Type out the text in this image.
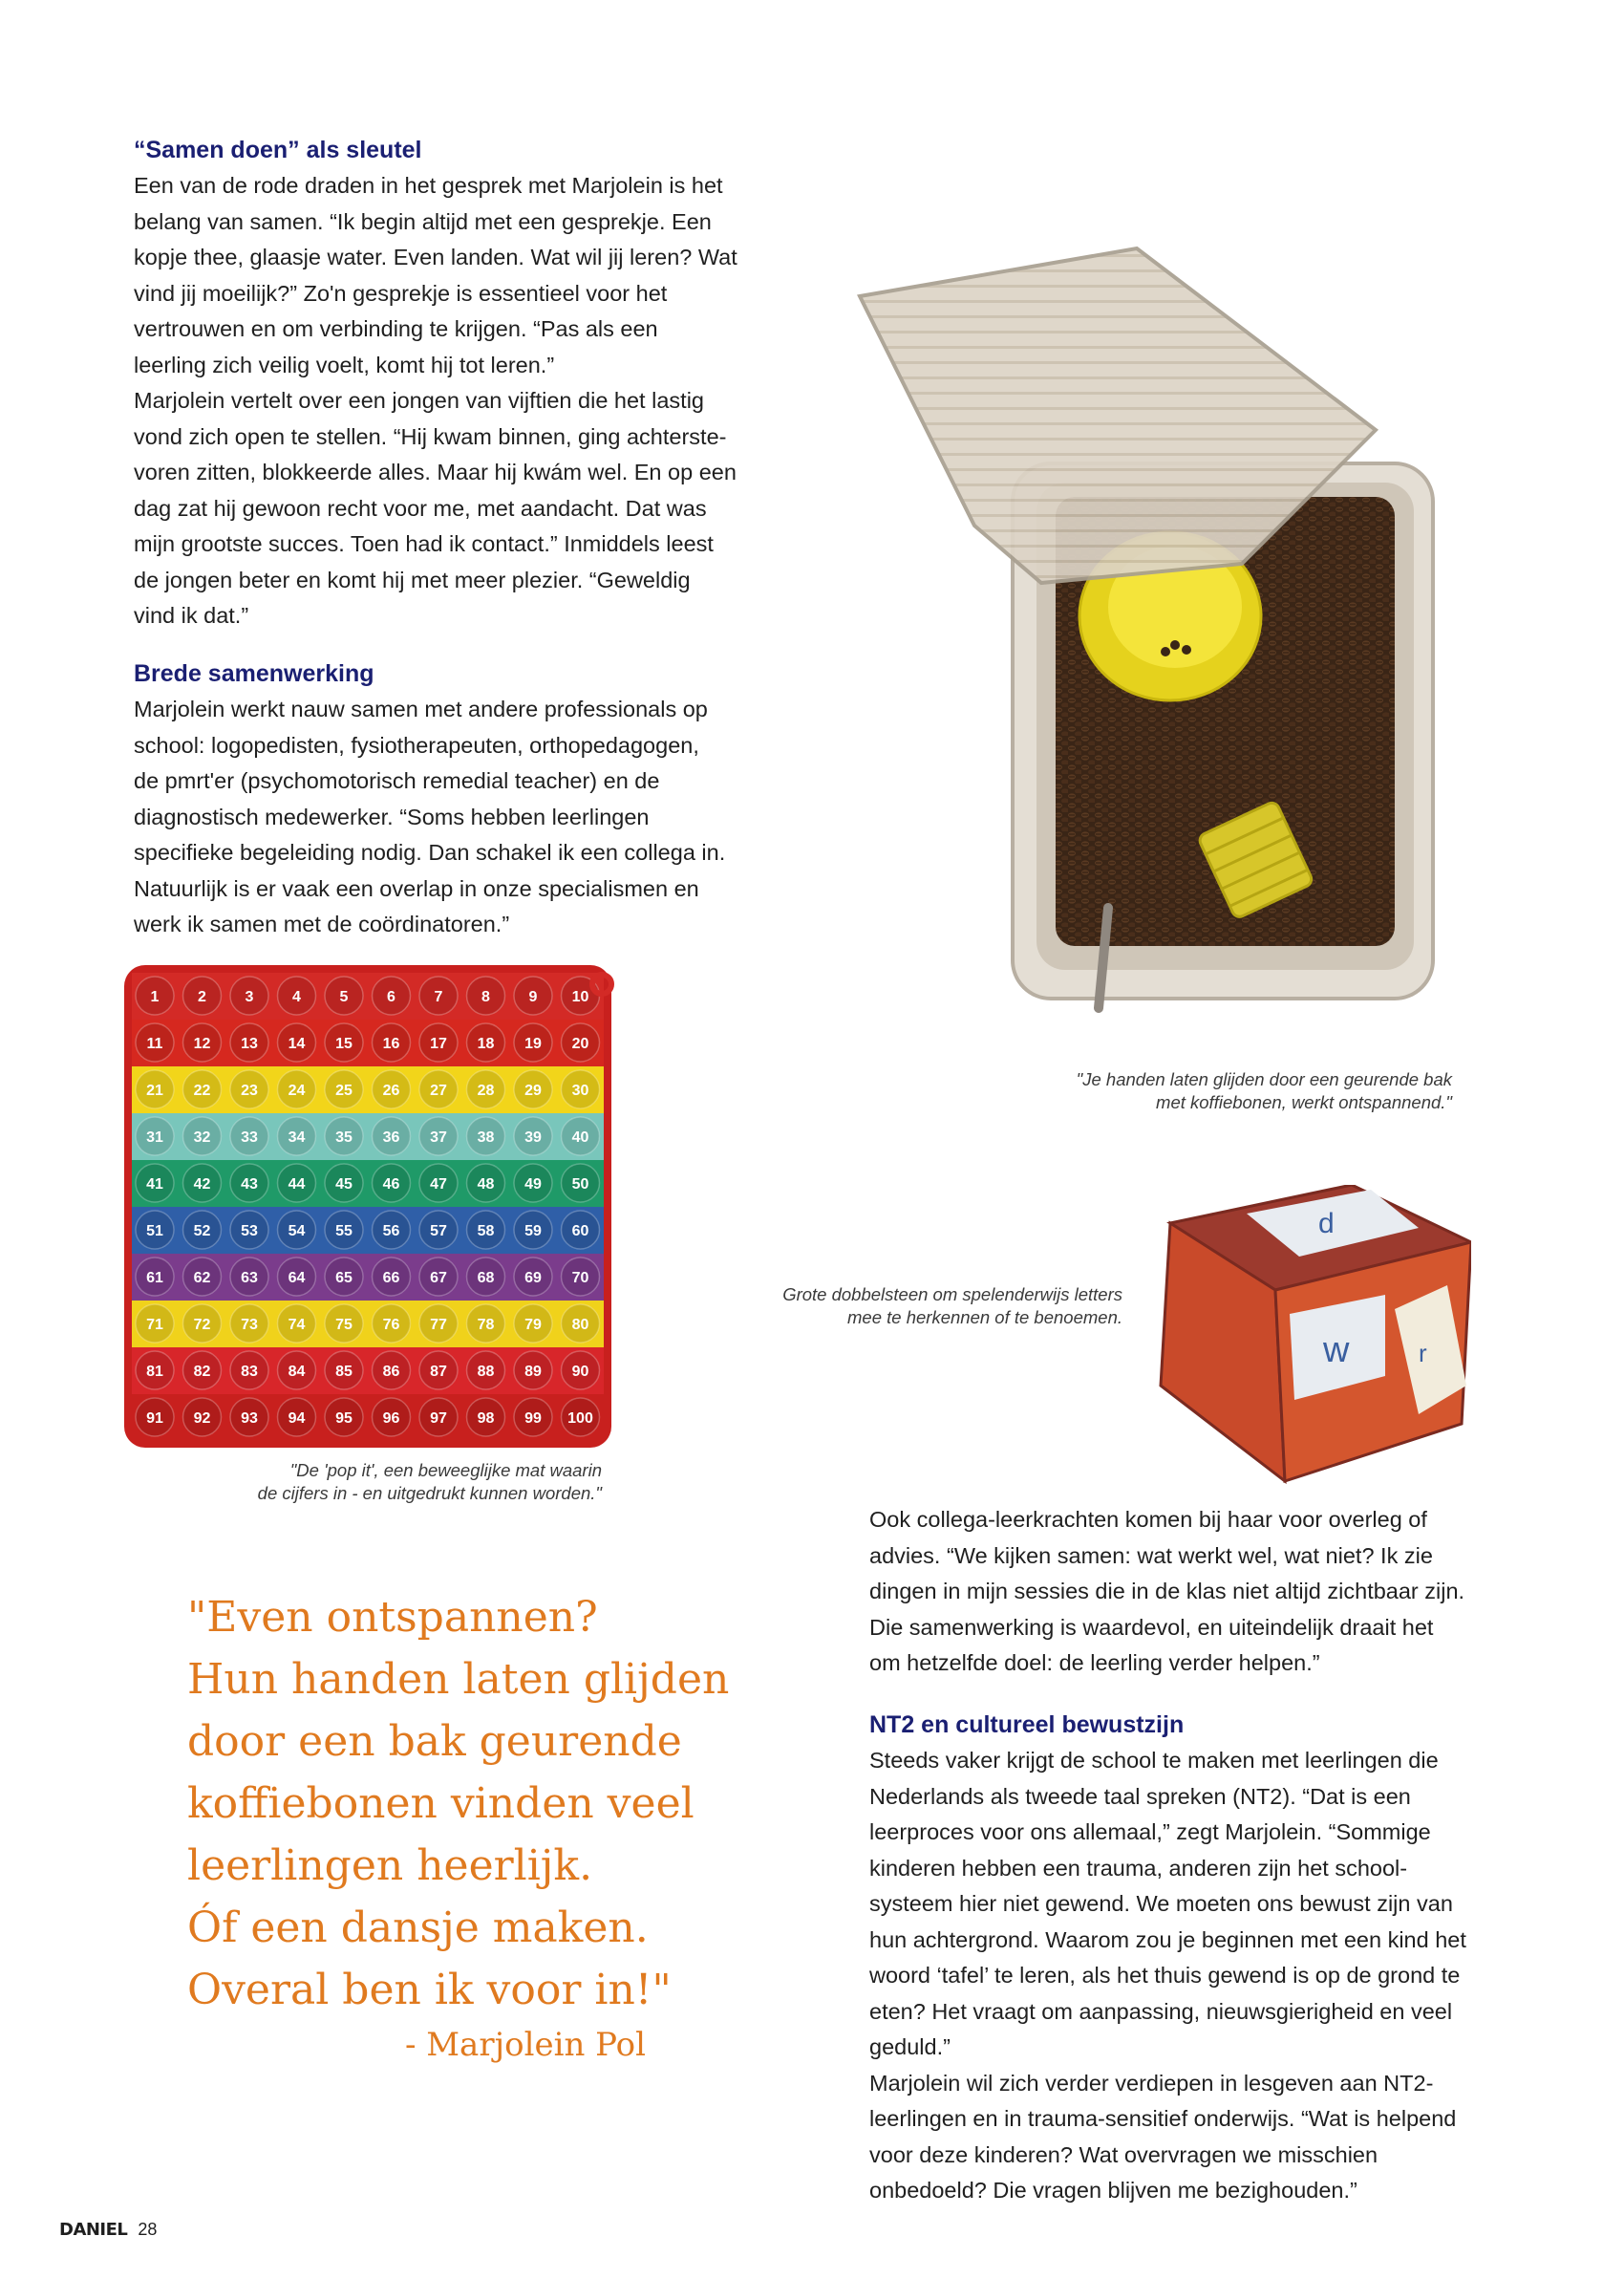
“Samen doen” als sleutel

Een van de rode draden in het gesprek met Marjolein is het

belang van samen. “Ik begin altijd met een gesprekje. Een

kopje thee, glaasje water. Even landen. Wat wil jij leren? Wat

vind jij moeilijk?” Zo'n gesprekje is essentieel voor het

vertrouwen en om verbinding te krijgen. “Pas als een

leerling zich veilig voelt, komt hij tot leren.”

Marjolein vertelt over een jongen van vijftien die het lastig

vond zich open te stellen. “Hij kwam binnen, ging achterste-

voren zitten, blokkeerde alles. Maar hij kwám wel. En op een

dag zat hij gewoon recht voor me, met aandacht. Dat was

mijn grootste succes. Toen had ik contact.” Inmiddels leest

de jongen beter en komt hij met meer plezier. “Geweldig

vind ik dat.”

Brede samenwerking

Marjolein werkt nauw samen met andere professionals op

school: logopedisten, fysiotherapeuten, orthopedagogen,

de pmrt'er (psychomotorisch remedial teacher) en de

diagnostisch medewerker. “Soms hebben leerlingen

specifieke begeleiding nodig. Dan schakel ik een collega in.

Natuurlijk is er vaak een overlap in onze specialismen en

werk ik samen met de coördinatoren.”

"Je handen laten glijden door een geurende bak
met koffiebonen, werkt ontspannend."
d
w	r
Grote dobbelsteen om spelenderwijs letters
mee te herkennen of te benoemen.
1	2	3	4	5	6	7	8	9 10
11 12 13 14 15 16 17 18 19 20
21 22 23 24 25 26 27 28 29 30
31 32 33 34 35 36 37 38 39 40
41 42 43 44 45 46 47 48 49 50
51 52 53 54 55 56 57 58 59 60
61 62 63 64 65 66 67 68 69 70
71 72 73 74 75 76 77 78 79 80
81 82 83 84 85 86 87 88 89 90
91 92 93 94 95 96 97 98 99 100
"De 'pop it', een beweeglijke mat waarin
de cijfers in - en uitgedrukt kunnen worden."

Ook collega-leerkrachten komen bij haar voor overleg of

advies. “We kijken samen: wat werkt wel, wat niet? Ik zie

dingen in mijn sessies die in de klas niet altijd zichtbaar zijn.

Die samenwerking is waardevol, en uiteindelijk draait het

om hetzelfde doel: de leerling verder helpen.”

NT2 en cultureel bewustzijn

Steeds vaker krijgt de school te maken met leerlingen die

Nederlands als tweede taal spreken (NT2). “Dat is een

leerproces voor ons allemaal,” zegt Marjolein. “Sommige

kinderen hebben een trauma, anderen zijn het school-

systeem hier niet gewend. We moeten ons bewust zijn van

hun achtergrond. Waarom zou je beginnen met een kind het

woord ‘tafel’ te leren, als het thuis gewend is op de grond te

eten? Het vraagt om aanpassing, nieuwsgierigheid en veel

geduld.”

Marjolein wil zich verder verdiepen in lesgeven aan NT2-

leerlingen en in trauma-sensitief onderwijs. “Wat is helpend

voor deze kinderen? Wat overvragen we misschien

onbedoeld? Die vragen blijven me bezighouden.”

"Even ontspannen?
Hun handen laten glijden
door een bak geurende
koffiebonen vinden veel
leerlingen heerlijk.
Óf een dansje maken.
Overal ben ik voor in!"
- Marjolein Pol
DANIEL 28
